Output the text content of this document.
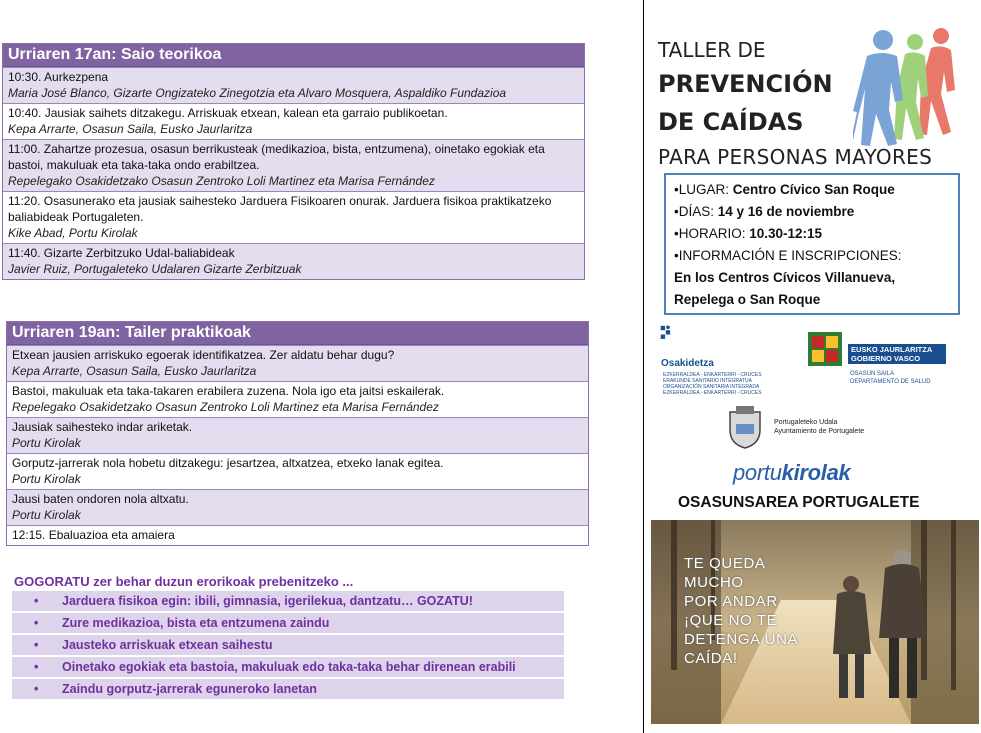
Urriaren 17an: Saio teorikoa
10:30. Aurkezpena
Maria José Blanco, Gizarte Ongizateko Zinegotzia eta Alvaro Mosquera, Aspaldiko Fundazioa
10:40. Jausiak saihets ditzakegu. Arriskuak etxean, kalean eta garraio publikoetan.
Kepa Arrarte, Osasun Saila, Eusko Jaurlaritza
11:00. Zahartze prozesua, osasun berrikusteak (medikazioa, bista, entzumena), oinetako egokiak eta bastoi, makuluak eta taka-taka ondo erabiltzea.
Repelegako Osakidetzako Osasun Zentroko Loli Martinez eta Marisa Fernández
11:20. Osasunerako eta jausiak saihesteko Jarduera Fisikoaren onurak. Jarduera fisikoa praktikatzeko baliabideak Portugaleten.
Kike Abad, Portu Kirolak
11:40. Gizarte Zerbitzuko Udal-baliabideak
Javier Ruiz, Portugaleteko Udalaren Gizarte Zerbitzuak
Urriaren 19an: Tailer praktikoak
Etxean jausien arriskuko egoerak identifikatzea. Zer aldatu behar dugu?
Kepa Arrarte, Osasun Saila, Eusko Jaurlaritza
Bastoi, makuluak eta taka-takaren erabilera zuzena. Nola igo eta jaitsi eskailerak.
Repelegako Osakidetzako Osasun Zentroko Loli Martinez eta Marisa Fernández
Jausiak saihesteko indar ariketak.
Portu Kirolak
Gorputz-jarrerak nola hobetu ditzakegu: jesartzea, altxatzea, etxeko lanak egitea.
Portu Kirolak
Jausi baten ondoren nola altxatu.
Portu Kirolak
12:15. Ebaluazioa eta amaiera
GOGORATU zer behar duzun erorikoak prebenitzeko ...
• Jarduera fisikoa egin: ibili, gimnasia, igerilekua, dantzatu… GOZATU!
• Zure medikazioa, bista eta entzumena zaindu
• Jausteko arriskuak etxean saihestu
• Oinetako egokiak eta bastoia, makuluak edo taka-taka behar direnean erabili
• Zaindu gorputz-jarrerak eguneroko lanetan
TALLER DE
PREVENCIÓN
DE CAÍDAS
PARA PERSONAS MAYORES
•LUGAR: Centro Cívico San Roque
•DÍAS: 14 y 16 de noviembre
•HORARIO: 10.30-12:15
•INFORMACIÓN E INSCRIPCIONES:
En los Centros Cívicos Villanueva,
Repelega o San Roque
Osakidetza
EZKERRALDEA - ENKARTERRI - CRUCES ERAKUNDE SANITARIO INTEGRATUA ORGANIZACIÓN SANITARIA INTEGRADA EZKERRALDEA - ENKARTERRI - CRUCES
EUSKO JAURLARITZA
GOBIERNO VASCO
OSASUN SAILA
DEPARTAMENTO DE SALUD
Portugaleteko Udala
Ayuntamiento de Portugalete
portukirolak
OSASUNSAREA PORTUGALETE
TE QUEDA
MUCHO
POR ANDAR
¡QUE NO TE
DETENGA UNA
CAÍDA!
